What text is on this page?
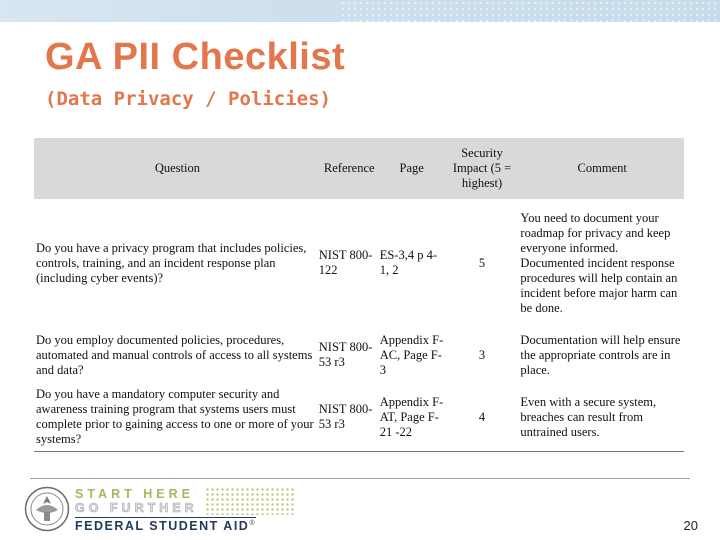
GA PII Checklist
(Data Privacy / Policies)
Question	Reference	Page	Security Impact (5 = highest)	Comment
Do you have a privacy program that includes policies, controls, training, and an incident response plan (including cyber events)?	NIST 800-122	ES-3,4 p 4-1, 2	5	You need to document your roadmap for privacy and keep everyone informed. Documented incident response procedures will help contain an incident before major harm can be done.
Do you employ documented policies, procedures, automated and manual controls of access to all systems and data?	NIST 800-53 r3	Appendix F-AC, Page F-3	3	Documentation will help ensure the appropriate controls are in place.
Do you have a mandatory computer security and awareness training program that systems users must complete prior to gaining access to one or more of your systems?	NIST 800-53 r3	Appendix F-AT, Page F-21 -22	4	Even with a secure system, breaches can result from untrained users.
START HERE
GO FURTHER
FEDERAL STUDENT AID®	20
